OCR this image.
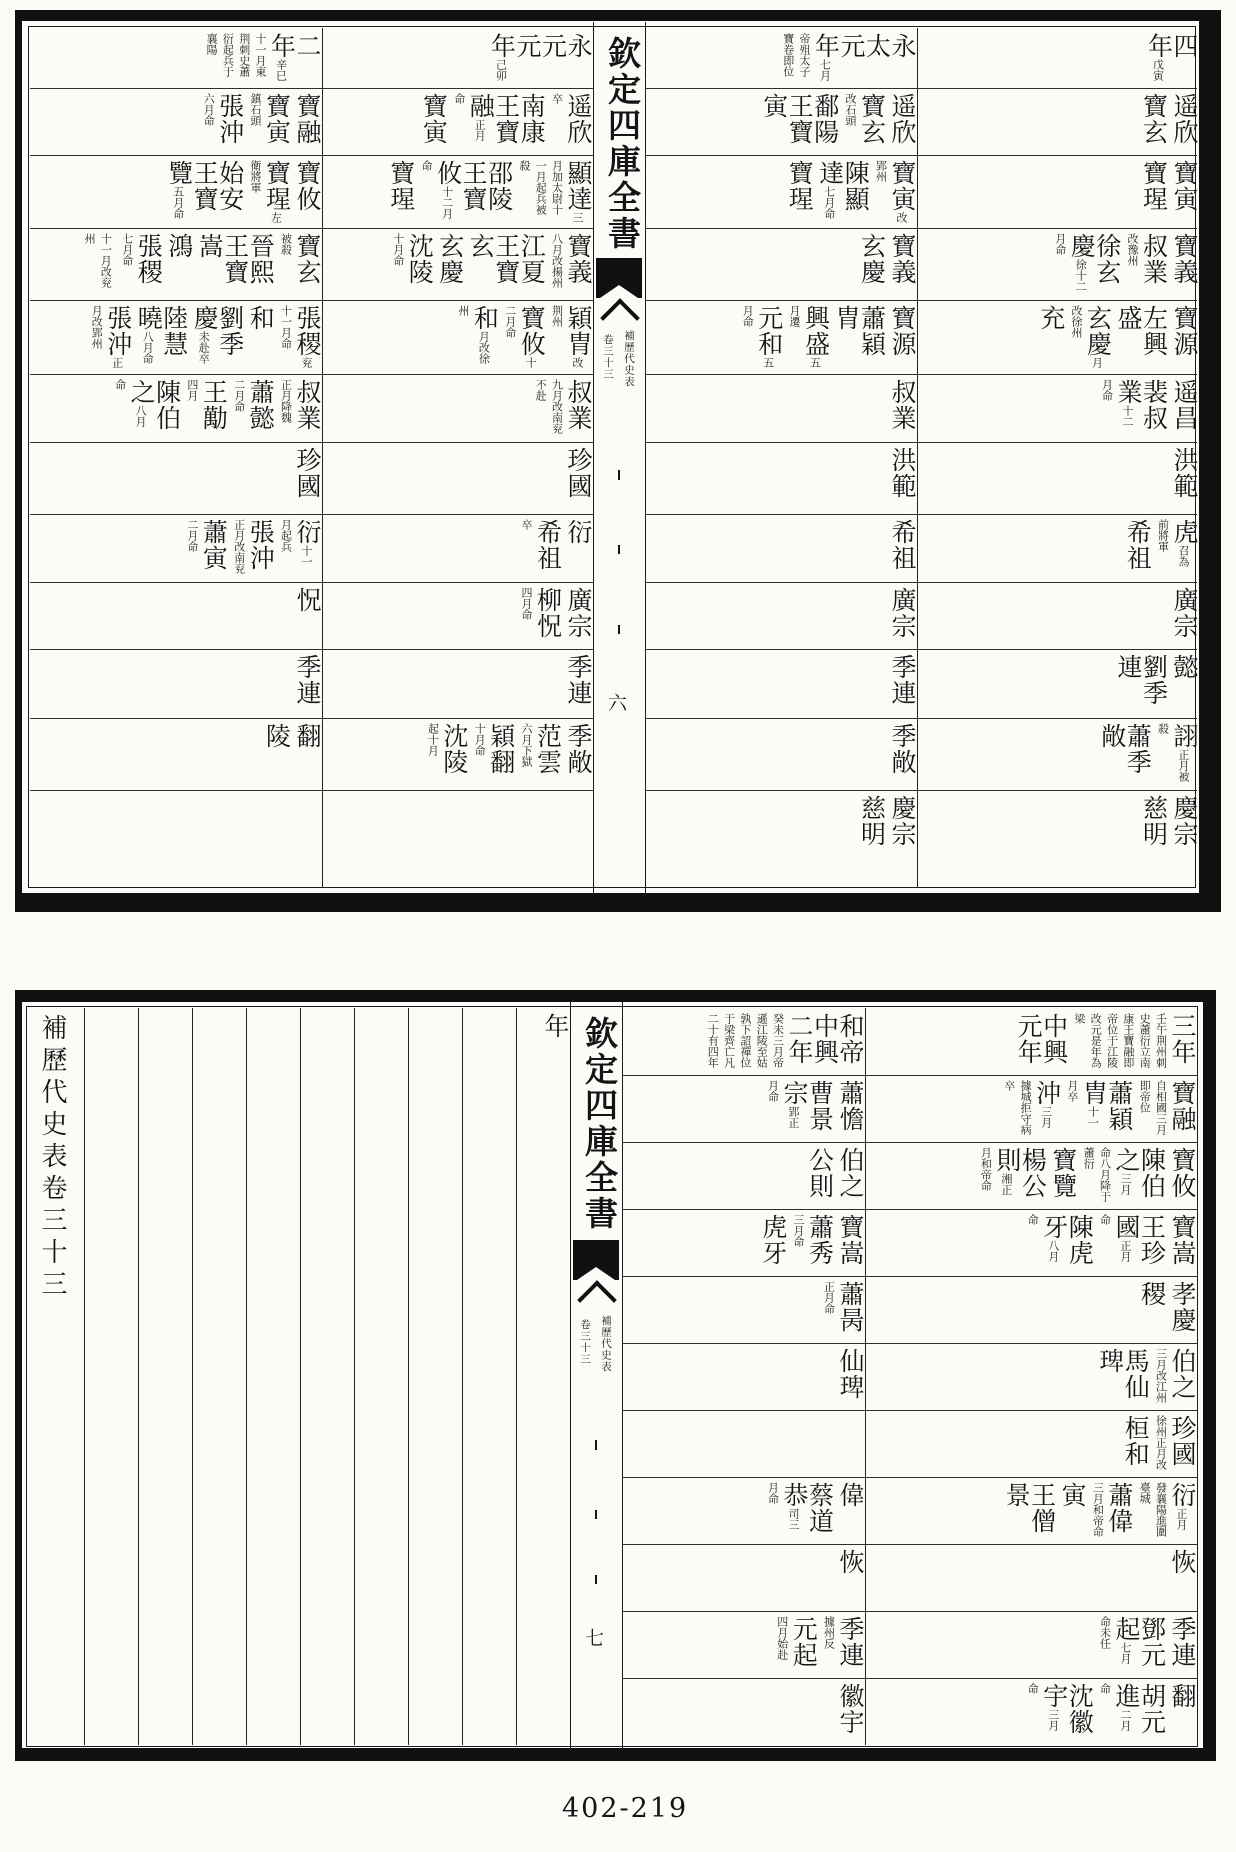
欽定四庫全書
補歷代史表
卷三十三
六
欽定四庫全書
補歷代史表
卷三十三
七
補歷代史表卷三十三	年
四年戊寅

遥欣
寶玄

寶寅
寶瑆

寶義
叔業改豫州
徐玄慶徐十二月命

寶源
左興盛
玄慶月改徐州
充

遥昌
裴叔業十二月命

洪範

虎召為前將軍
希祖

廣宗

懿
劉季連

詡正月被殺
蕭季敞

慶宗
慈明

永太元年七月帝殂太子寶卷即位

遥欣
寶玄改石頭
鄱陽王寶寅

寶寅改郢州
陳顯達七月命
寶瑆

寶義
玄慶

寶源
蕭穎胄
興盛五月遷
元和五月命

叔業

洪範

希祖

廣宗

季連

季敞

慶宗
慈明

永元元年己卯

遥欣卒
南康王寶融正月命
寶寅

顯達三月加太尉十一月起兵被殺
邵陵王寶攸十二月命
寶瑆

寶義八月改揚州
江夏王寶玄
玄慶
沈陵十月命

穎胄改荆州
寶攸十二月命
和月改徐州

叔業九月改南兖不赴

珍國

衍
希祖卒

廣宗
柳怳四月命

季連

季敞
范雲六月下獄
穎翻十月命
沈陵起十月

二年辛巳十一月東荆刺史蕭衍起兵于襄陽

寶融
寶寅鎮石頭
張沖六月命

寶攸
寶瑆左衛將軍
始安王寶覽五月命

寶玄被殺
晉熙王寶嵩
鴻
張稷七月命
十一月改兖州

張稷兖十一月命
和
劉季慶未赴卒
陸慧曉八月命
張沖正月改郢州

叔業正月降魏
蕭懿二月命
王勱四月
陳伯之八月命

珍國

衍十一月起兵
張沖正月改南兖
蕭寅二月命

怳

季連

翻
陵

三年壬午荆州刺史蕭衍立南康王寶融即帝位于江陵改元是年為梁
中興元年

寶融自相國三月即帝位
蕭穎胄十一月卒
沖三月據城拒守病卒

寶攸
陳伯之三月命八月降于蕭衍
寶覽
楊公則湘正月和帝命

寶嵩
王珍國正月命
陳虎牙八月命

孝慶
稷

伯之三月改江州
馬仙琕

珍國徐州正月改
桓和

衍正月發襄陽進圍臺城
蕭偉三月和帝命
寅
王僧景

恢

季連
鄧元起七月命未任

翻
胡元進二月命
沈徽宇三月命

和帝中興二年癸未三月帝遜江陵至姑孰下詔禪位于梁齊亡凡二十有四年

蕭憺
曹景宗郢正月命

伯之
公則

寶嵩
蕭秀三月命
虎牙

蕭昺正月命

仙琕

偉
蔡道恭司三月命

恢

季連據州反
元起四月始赴

徽宇

402-219
